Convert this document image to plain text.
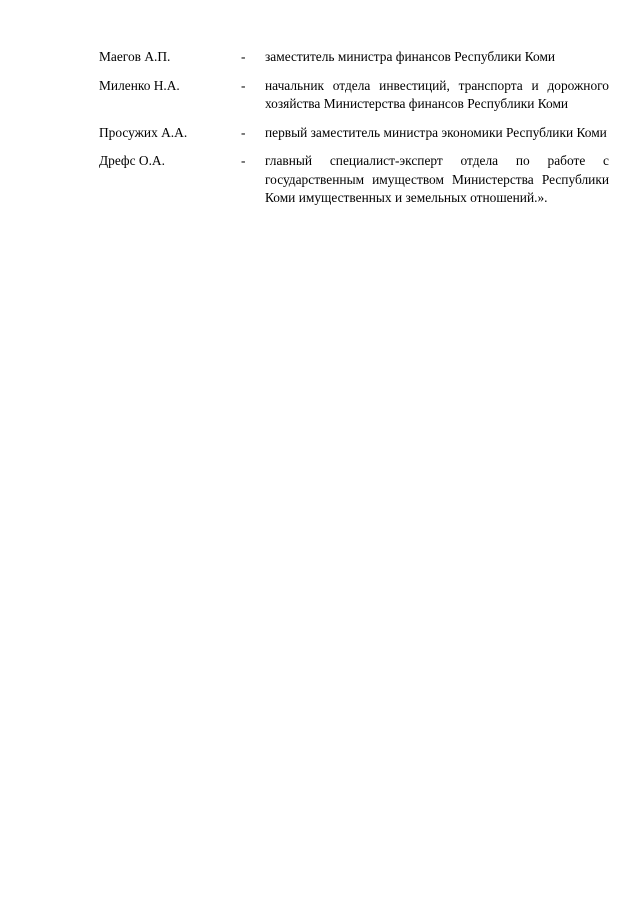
Маегов А.П.	- заместитель министра финансов Республики Коми
Миленко Н.А.	- начальник отдела инвестиций, транспорта и дорожного хозяйства Министерства финансов Республики Коми
Просужих А.А.	- первый заместитель министра экономики Республики Коми
Дрефс О.А.	- главный специалист-эксперт отдела по работе с государственным имуществом Министерства Республики Коми имущественных и земельных отношений.».
